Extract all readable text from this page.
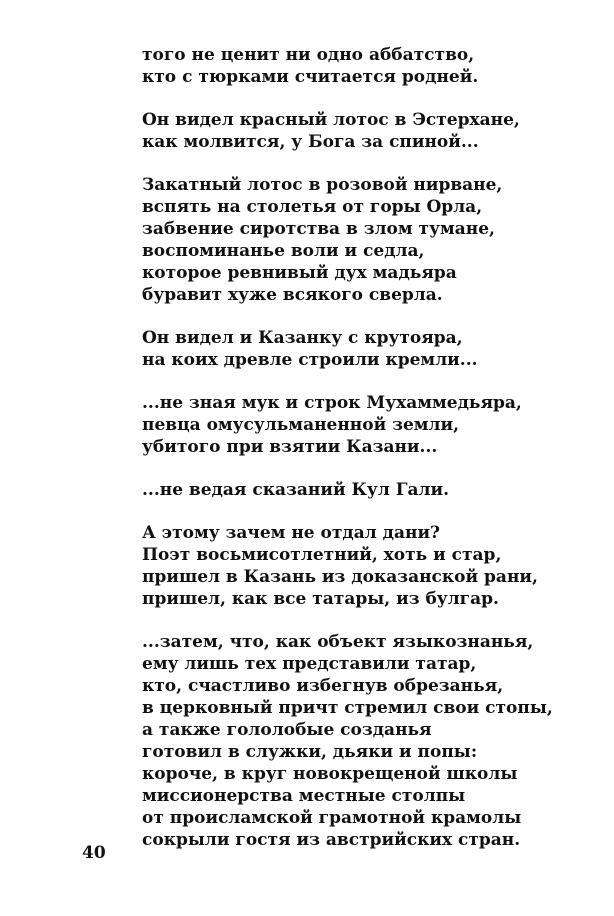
того не ценит ни одно аббатство,
кто с тюрками считается родней.
Он видел красный лотос в Эстерхане,
как молвится, у Бога за спиной...
Закатный лотос в розовой нирване,
вспять на столетья от горы Орла,
забвение сиротства в злом тумане,
воспоминанье воли и седла,
которое ревнивый дух мадьяра
буравит хуже всякого сверла.
Он видел и Казанку с крутояра,
на коих древле строили кремли...
...не зная мук и строк Мухаммедьяра,
певца омусульманенной земли,
убитого при взятии Казани...
...не ведая сказаний Кул Гали.
А этому зачем не отдал дани?
Поэт восьмисотлетний, хоть и стар,
пришел в Казань из доказанской рани,
пришел, как все татары, из булгар.
...затем, что, как объект языкознанья,
ему лишь тех представили татар,
кто, счастливо избегнув обрезанья,
в церковный причт стремил свои стопы,
а также гололобые созданья
готовил в служки, дьяки и попы:
короче, в круг новокрещеной школы
миссионерства местные столпы
от происламской грамотной крамолы
сокрыли гостя из австрийских стран.
40
